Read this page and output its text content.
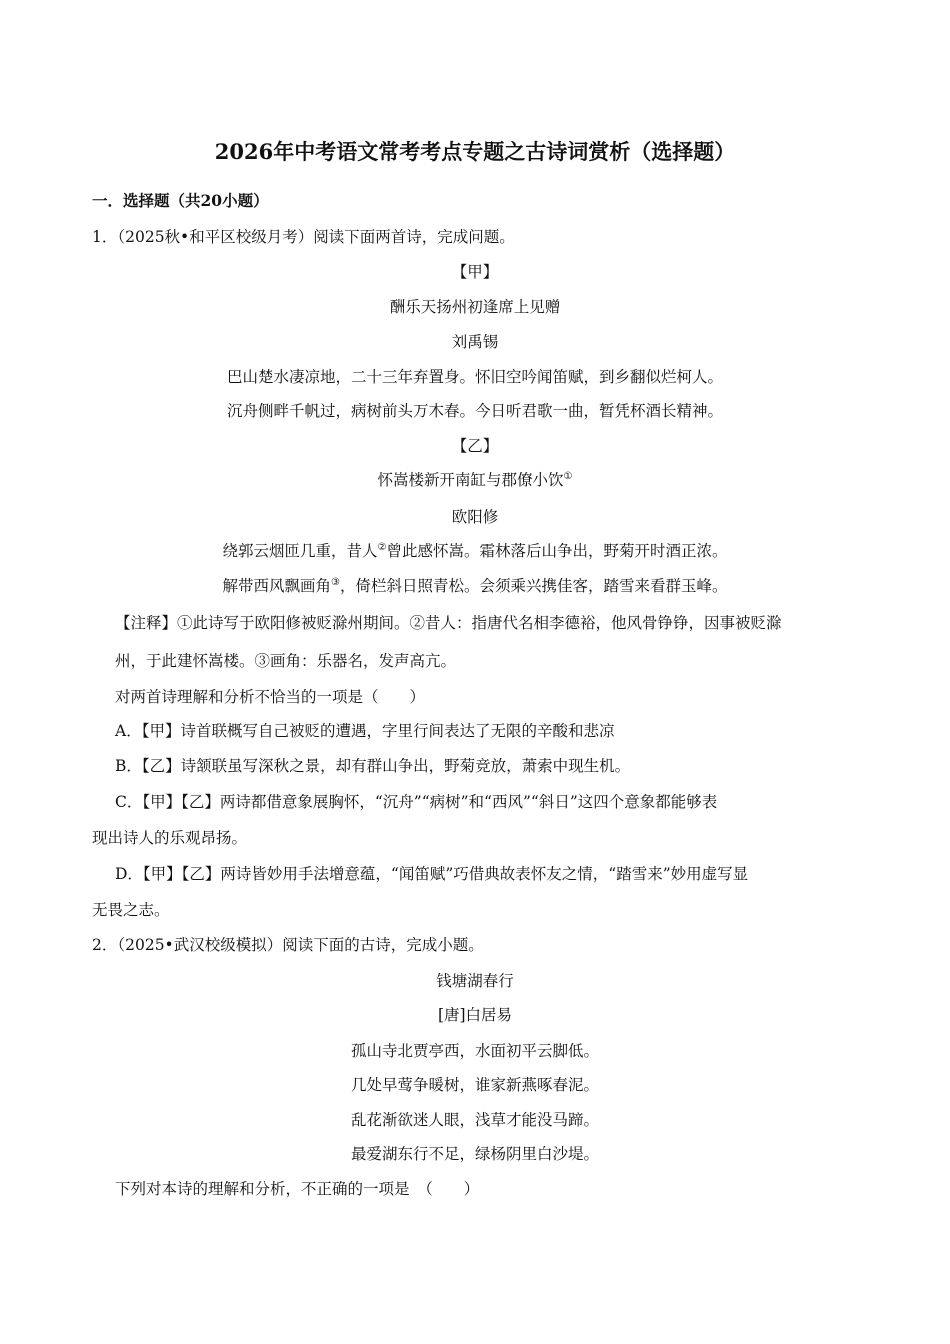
2026年中考语文常考考点专题之古诗词赏析（选择题）
一．选择题（共20小题）
1．（2025秋•和平区校级月考）阅读下面两首诗，完成问题。
【甲】
酬乐天扬州初逢席上见赠
刘禹锡
巴山楚水凄凉地，二十三年弃置身。怀旧空吟闻笛赋，到乡翻似烂柯人。
沉舟侧畔千帆过，病树前头万木春。今日听君歌一曲，暂凭杯酒长精神。
【乙】
怀嵩楼新开南缸与郡僚小饮①
欧阳修
绕郭云烟匝几重，昔人②曾此感怀嵩。霜林落后山争出，野菊开时酒正浓。
解带西风飘画角③，倚栏斜日照青松。会须乘兴携佳客，踏雪来看群玉峰。
【注释】①此诗写于欧阳修被贬滁州期间。②昔人：指唐代名相李德裕，他风骨铮铮，因事被贬滁
州，于此建怀嵩楼。③画角：乐器名，发声高亢。
对两首诗理解和分析不恰当的一项是（　　）
A．【甲】诗首联概写自己被贬的遭遇，字里行间表达了无限的辛酸和悲凉
B．【乙】诗颔联虽写深秋之景，却有群山争出，野菊竞放，萧索中现生机。
C．【甲】【乙】两诗都借意象展胸怀，“沉舟”“病树”和“西风”“斜日”这四个意象都能够表
现出诗人的乐观昂扬。
D．【甲】【乙】两诗皆妙用手法增意蕴，“闻笛赋”巧借典故表怀友之情，“踏雪来”妙用虚写显
无畏之志。
2．（2025•武汉校级模拟）阅读下面的古诗，完成小题。
钱塘湖春行
[唐]白居易
孤山寺北贾亭西，水面初平云脚低。
几处早莺争暖树，谁家新燕啄春泥。
乱花渐欲迷人眼，浅草才能没马蹄。
最爱湖东行不足，绿杨阴里白沙堤。
下列对本诗的理解和分析，不正确的一项是　（　　）
